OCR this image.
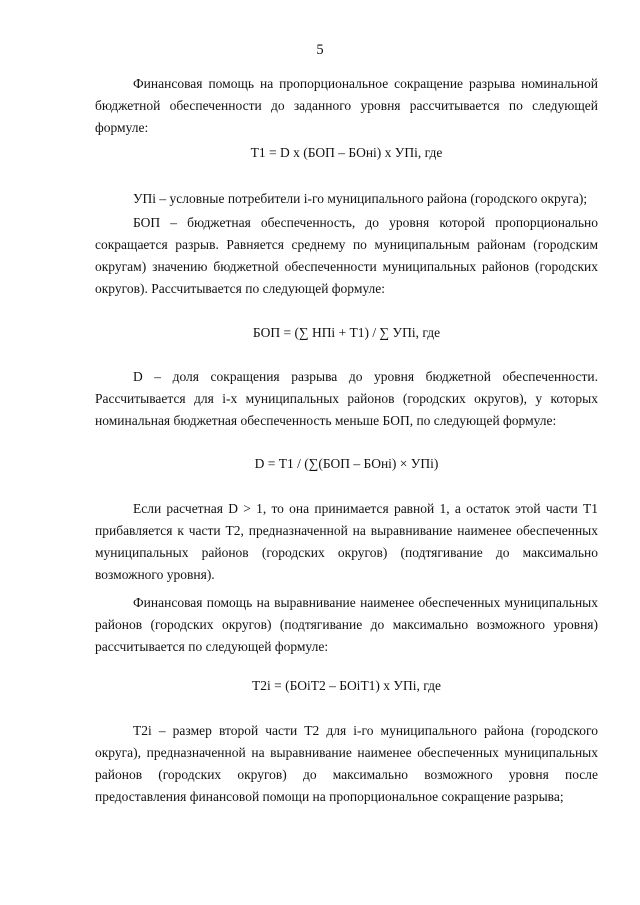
5

Финансовая помощь на пропорциональное сокращение разрыва номинальной бюджетной обеспеченности до заданного уровня рассчитывается по следующей формуле:

Т1 = D x (БОП – БОнi) x УПi, где

УПi – условные потребители i-го муниципального района (городского округа);

БОП – бюджетная обеспеченность, до уровня которой пропорционально сокращается разрыв. Равняется среднему по муниципальным районам (городским округам) значению бюджетной обеспеченности муниципальных районов (городских округов). Рассчитывается по следующей формуле:

БОП = (∑ НПi + Т1) / ∑ УПi, где

D – доля сокращения разрыва до уровня бюджетной обеспеченности. Рассчитывается для i-х муниципальных районов (городских округов), у которых номинальная бюджетная обеспеченность меньше БОП, по следующей формуле:

D = Т1 / (∑(БОП – БОнi) × УПi)

Если расчетная D > 1, то она принимается равной 1, а остаток этой части Т1 прибавляется к части Т2, предназначенной на выравнивание наименее обеспеченных муниципальных районов (городских округов) (подтягивание до максимально возможного уровня).

Финансовая помощь на выравнивание наименее обеспеченных муниципальных районов (городских округов) (подтягивание до максимально возможного уровня) рассчитывается по следующей формуле:

Т2i = (БОiТ2 – БОiТ1) x УПi, где

Т2i – размер второй части Т2 для i-го муниципального района (городского округа), предназначенной на выравнивание наименее обеспеченных муниципальных районов (городских округов) до максимально возможного уровня после предоставления финансовой помощи на пропорциональное сокращение разрыва;
